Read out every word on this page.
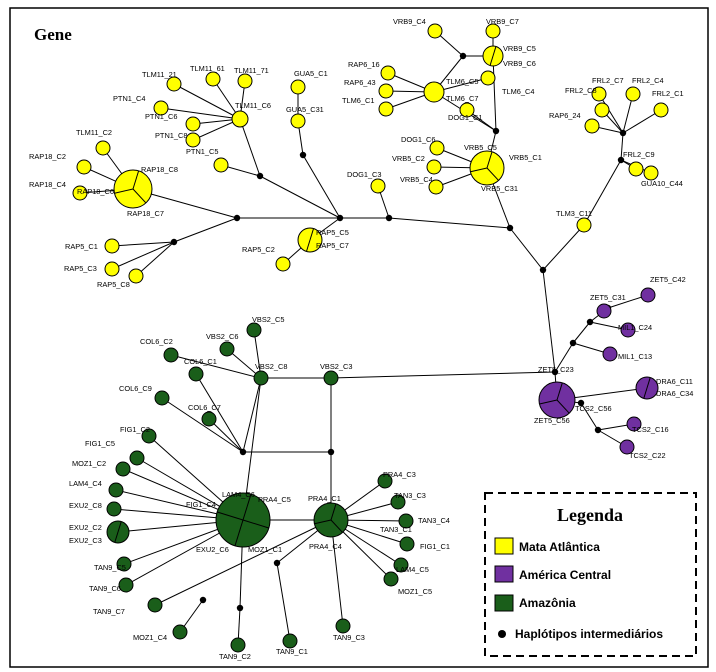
Gene
VRB9_C4	VRB9_C7
VRB9_C5
VRB9_C6
RAP6_16
RAP6_43	TLM6_C5
TLM6_C1	TLM6_C7
TLM6_C4
DOG1_C1
DOG1_C6
VRB5_C5
VRB5_C2	VRB5_C1
VRB5_C4
VRB5_C31
DOG1_C3
TLM11_61
TLM11_21	TLM11_71
PTN1_C4
TLM11_C6
PTN1_C6
PTN1_C8
GUA5_C1
GUA5_C31
PTN1_C5
TLM11_C2
RAP18_C2
RAP18_C8
RAP18_C4
RAP18_C6
RAP18_C7
RAP5_C1
RAP5_C3
RAP5_C8
RAP5_C5
RAP5_C7
RAP5_C2
FRL2_C7 FRL2_C4
FRL2_C8	FRL2_C1
RAP6_24
FRL2_C9
GUA10_C44
TLM3_C11
ZET5_C42
ZET5_C31
MIL1_C24
MIL1_C13
ZET5_C23
DRA6_C11
DRA6_C34
TCS2_C56
ZET5_C56
TCS2_C16
TCS2_C22
VBS2_C5
COL6_C2
VBS2_C6
COL6_C1
VBS2_C8	VBS2_C3
COL6_C9
COL6_C7
FIG1_C2
FIG1_C5
MOZ1_C2
LAM4_C4
EXU2_C8	FIG1_C4
LAM4_C6
PRA4_C5
EXU2_C2
EXU2_C3
EXU2_C6	MOZ1_C1
PRA4_C1
PRA4_C4
PRA4_C3
TAN3_C3
TAN3_C4
TAN3_C1
FIG1_C1
LAM4_C5
MOZ1_C5
TAN9_C5
TAN9_C6
TAN9_C7
MOZ1_C4
TAN9_C2
TAN9_C1
TAN9_C3
Legenda
Mata Atlântica
América Central
Amazônia
Haplótipos intermediários
